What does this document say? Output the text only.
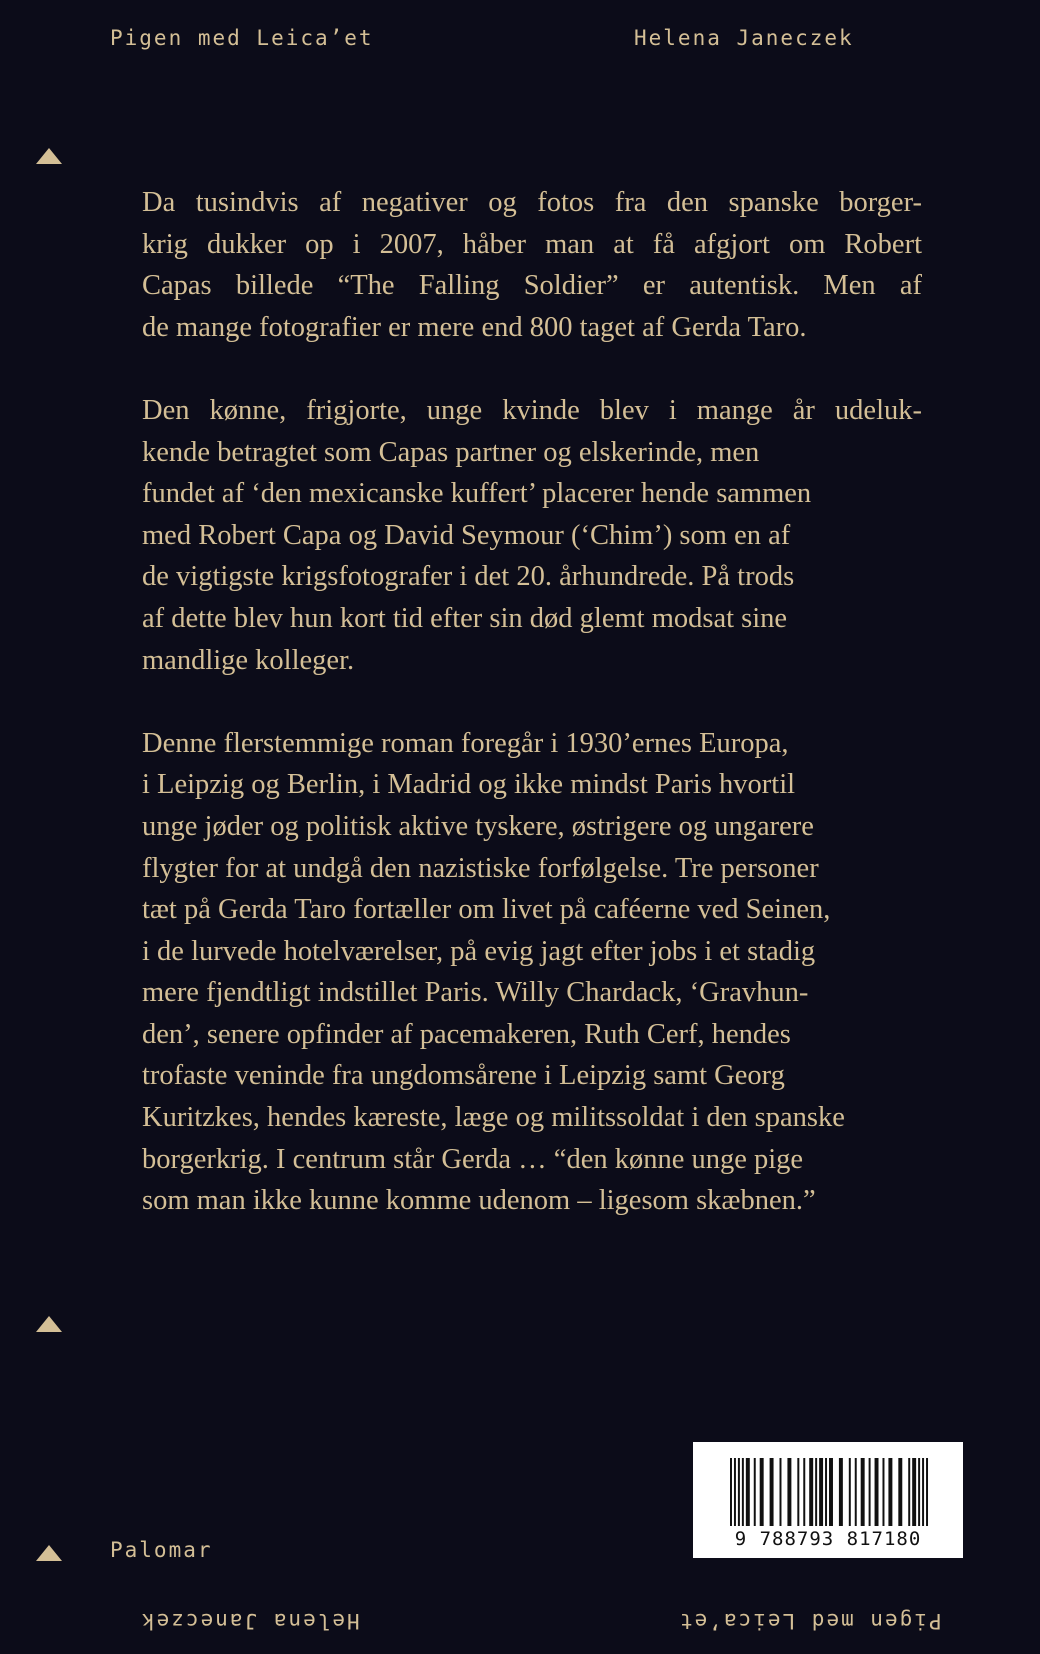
Pigen med Leica’et	Helena Janeczek

Da tusindvis af negativer og fotos fra den spanske borger-
krig dukker op i 2007, håber man at få afgjort om Robert
Capas billede “The Falling Soldier” er autentisk. Men af
de mange fotografier er mere end 800 taget af Gerda Taro.

Den kønne, frigjorte, unge kvinde blev i mange år udeluk-
kende betragtet som Capas partner og elskerinde, men
fundet af ‘den mexicanske kuffert’ placerer hende sammen
med Robert Capa og David Seymour (‘Chim’) som en af
de vigtigste krigsfotografer i det 20. århundrede. På trods
af dette blev hun kort tid efter sin død glemt modsat sine
mandlige kolleger.

Denne flerstemmige roman foregår i 1930’ernes Europa,
i Leipzig og Berlin, i Madrid og ikke mindst Paris hvortil
unge jøder og politisk aktive tyskere, østrigere og ungarere
flygter for at undgå den nazistiske forfølgelse. Tre personer
tæt på Gerda Taro fortæller om livet på caféerne ved Seinen,
i de lurvede hotelværelser, på evig jagt efter jobs i et stadig
mere fjendtligt indstillet Paris. Willy Chardack, ‘Gravhun-
den’, senere opfinder af pacemakeren, Ruth Cerf, hendes
trofaste veninde fra ungdomsårene i Leipzig samt Georg
Kuritzkes, hendes kæreste, læge og militssoldat i den spanske
borgerkrig. I centrum står Gerda … “den kønne unge pige
som man ikke kunne komme udenom – ligesom skæbnen.”

Palomar	9 788793 817180
Helena Janeczek	Pigen med Leica’et
